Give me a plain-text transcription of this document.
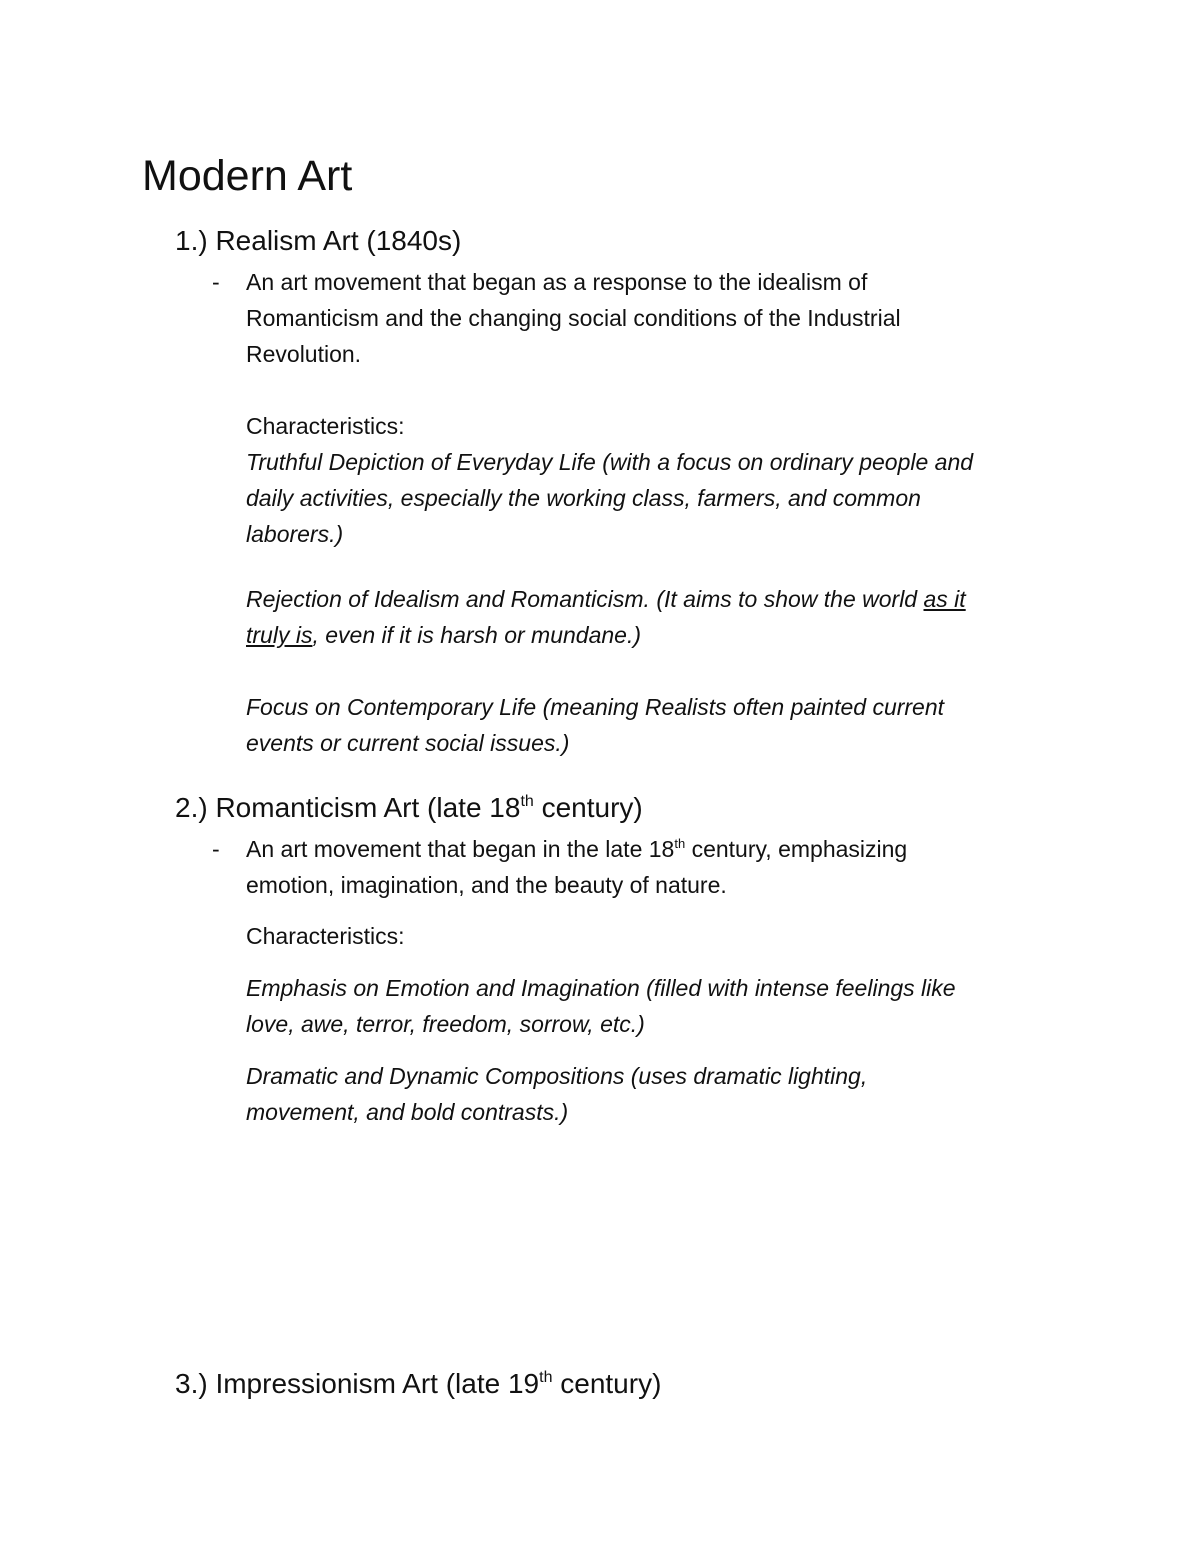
Modern Art
1.) Realism Art (1840s)
- An art movement that began as a response to the idealism of
Romanticism and the changing social conditions of the Industrial
Revolution.
Characteristics:
Truthful Depiction of Everyday Life (with a focus on ordinary people and
daily activities, especially the working class, farmers, and common
laborers.)
Rejection of Idealism and Romanticism. (It aims to show the world as it
truly is, even if it is harsh or mundane.)
Focus on Contemporary Life (meaning Realists often painted current
events or current social issues.)
2.) Romanticism Art (late 18th century)
- An art movement that began in the late 18th century, emphasizing
emotion, imagination, and the beauty of nature.
Characteristics:
Emphasis on Emotion and Imagination (filled with intense feelings like
love, awe, terror, freedom, sorrow, etc.)
Dramatic and Dynamic Compositions (uses dramatic lighting,
movement, and bold contrasts.)
3.) Impressionism Art (late 19th century)
